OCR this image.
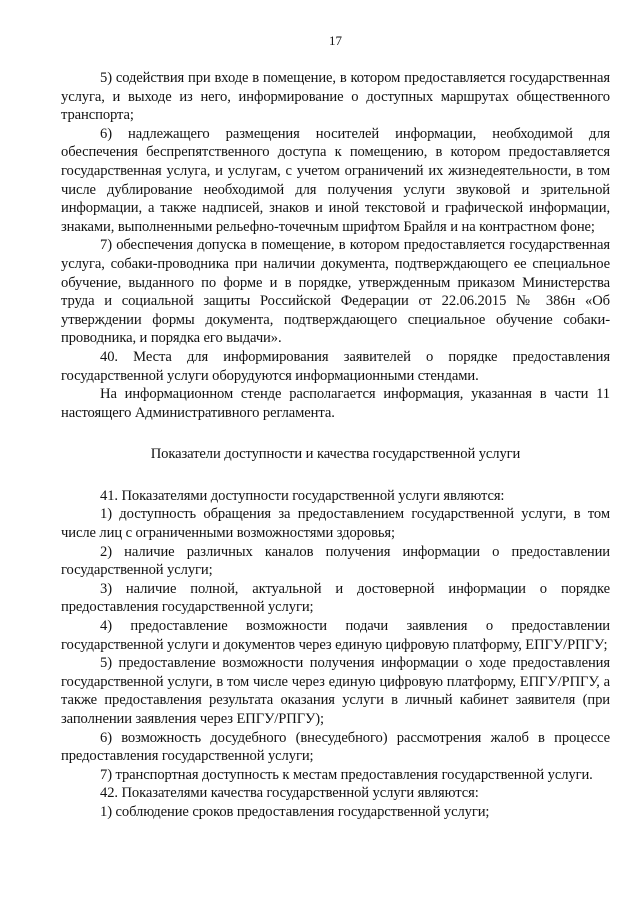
17

5) содействия при входе в помещение, в котором предоставляется государственная услуга, и выходе из него, информирование о доступных маршрутах общественного транспорта;

6) надлежащего размещения носителей информации, необходимой для обеспечения беспрепятственного доступа к помещению, в котором предоставляется государственная услуга, и услугам, с учетом ограничений их жизнедеятельности, в том числе дублирование необходимой для получения услуги звуковой и зрительной информации, а также надписей, знаков и иной текстовой и графической информации, знаками, выполненными рельефно-точечным шрифтом Брайля и на контрастном фоне;

7) обеспечения допуска в помещение, в котором предоставляется государственная услуга, собаки-проводника при наличии документа, подтверждающего ее специальное обучение, выданного по форме и в порядке, утвержденным приказом Министерства труда и социальной защиты Российской Федерации от 22.06.2015 № 386н «Об утверждении формы документа, подтверждающего специальное обучение собаки-проводника, и порядка его выдачи».

40. Места для информирования заявителей о порядке предоставления государственной услуги оборудуются информационными стендами.

На информационном стенде располагается информация, указанная в части 11 настоящего Административного регламента.

Показатели доступности и качества государственной услуги

41. Показателями доступности государственной услуги являются:

1) доступность обращения за предоставлением государственной услуги, в том числе лиц с ограниченными возможностями здоровья;

2) наличие различных каналов получения информации о предоставлении государственной услуги;

3) наличие полной, актуальной и достоверной информации о порядке предоставления государственной услуги;

4) предоставление возможности подачи заявления о предоставлении государственной услуги и документов через единую цифровую платформу, ЕПГУ/РПГУ;

5) предоставление возможности получения информации о ходе предоставления государственной услуги, в том числе через единую цифровую платформу, ЕПГУ/РПГУ, а также предоставления результата оказания услуги в личный кабинет заявителя (при заполнении заявления через ЕПГУ/РПГУ);

6) возможность досудебного (внесудебного) рассмотрения жалоб в процессе предоставления государственной услуги;

7) транспортная доступность к местам предоставления государственной услуги.

42. Показателями качества государственной услуги являются:

1) соблюдение сроков предоставления государственной услуги;
